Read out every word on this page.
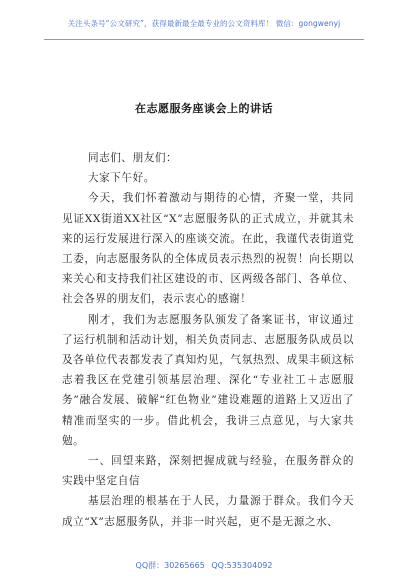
关注头条号“公文研究”，获得最新最全最专业的公文资料库！ 微信：gongwenyj
在志愿服务座谈会上的讲话

同志们、朋友们：

大家下午好。

今天，我们怀着激动与期待的心情，齐聚一堂，共同见证XX街道XX社区“X”志愿服务队的正式成立，并就其未来的运行发展进行深入的座谈交流。在此，我谨代表街道党工委，向志愿服务队的全体成员表示热烈的祝贺！向长期以来关心和支持我们社区建设的市、区两级各部门、各单位、社会各界的朋友们，表示衷心的感谢！

刚才，我们为志愿服务队颁发了备案证书，审议通过了运行机制和活动计划，相关负责同志、志愿服务队成员以及各单位代表都发表了真知灼见，气氛热烈、成果丰硕这标志着我区在党建引领基层治理、深化“专业社工＋志愿服务”融合发展、破解“红色物业”建设难题的道路上又迈出了精准而坚实的一步。借此机会，我讲三点意见，与大家共勉。

一、回望来路，深刻把握成就与经验，在服务群众的实践中坚定自信

基层治理的根基在于人民，力量源于群众。我们今天成立“X”志愿服务队，并非一时兴起，更不是无源之水、

QQ群：30265665 QQ:535304092
